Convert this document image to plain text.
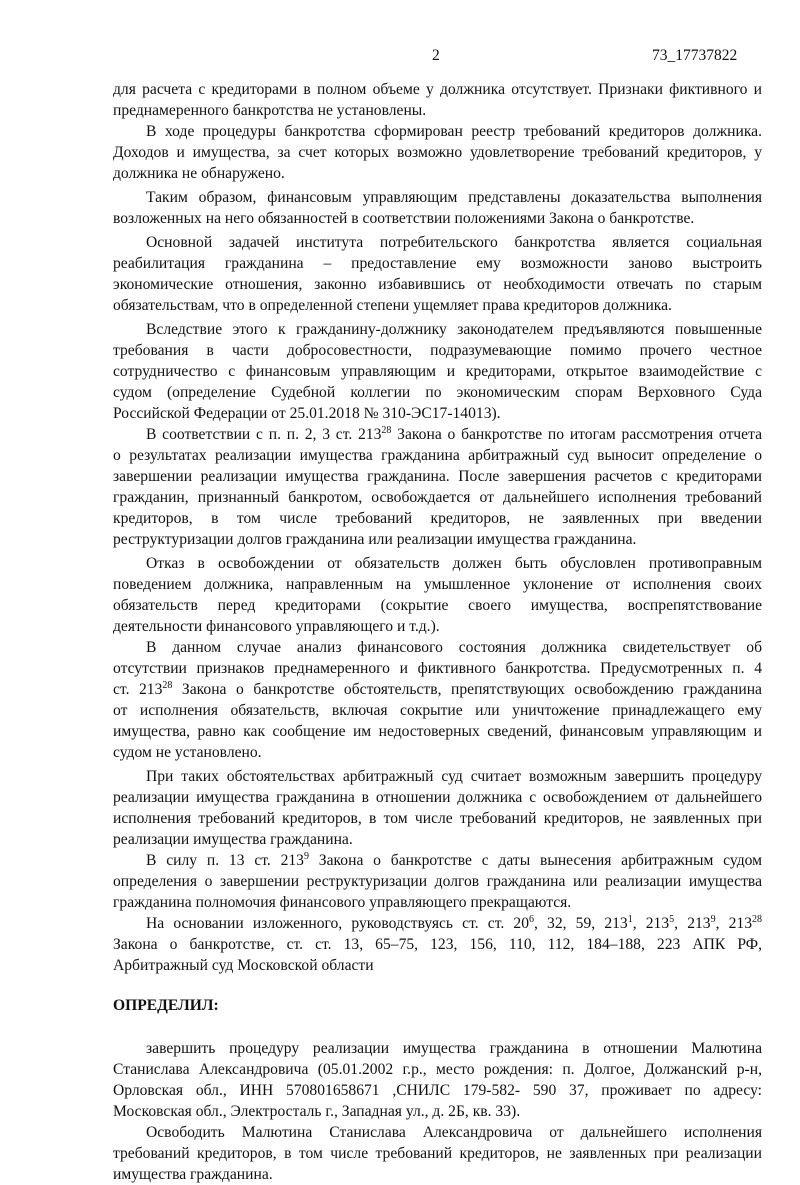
2	73_17737822

для расчета с кредиторами в полном объеме у должника отсутствует. Признаки фиктивного и
преднамеренного банкротства не установлены.

В ходе процедуры банкротства сформирован реестр требований кредиторов должника.
Доходов и имущества, за счет которых возможно удовлетворение требований кредиторов, у
должника не обнаружено.

Таким образом, финансовым управляющим представлены доказательства выполнения
возложенных на него обязанностей в соответствии положениями Закона о банкротстве.

Основной задачей института потребительского банкротства является социальная
реабилитация гражданина – предоставление ему возможности заново выстроить
экономические отношения, законно избавившись от необходимости отвечать по старым
обязательствам, что в определенной степени ущемляет права кредиторов должника.

Вследствие этого к гражданину-должнику законодателем предъявляются повышенные
требования в части добросовестности, подразумевающие помимо прочего честное
сотрудничество с финансовым управляющим и кредиторами, открытое взаимодействие с
судом (определение Судебной коллегии по экономическим спорам Верховного Суда
Российской Федерации от 25.01.2018 № 310-ЭС17-14013).

В соответствии с п. п. 2, 3 ст. $213^{28}$ Закона о банкротстве по итогам рассмотрения отчета
о результатах реализации имущества гражданина арбитражный суд выносит определение о
завершении реализации имущества гражданина. После завершения расчетов с кредиторами
гражданин, признанный банкротом, освобождается от дальнейшего исполнения требований
кредиторов, в том числе требований кредиторов, не заявленных при введении
реструктуризации долгов гражданина или реализации имущества гражданина.

Отказ в освобождении от обязательств должен быть обусловлен противоправным
поведением должника, направленным на умышленное уклонение от исполнения своих
обязательств перед кредиторами (сокрытие своего имущества, воспрепятствование
деятельности финансового управляющего и т.д.).

В данном случае анализ финансового состояния должника свидетельствует об
отсутствии признаков преднамеренного и фиктивного банкротства. Предусмотренных п. 4
ст. $213^{28}$ Закона о банкротстве обстоятельств, препятствующих освобождению гражданина
от исполнения обязательств, включая сокрытие или уничтожение принадлежащего ему
имущества, равно как сообщение им недостоверных сведений, финансовым управляющим и
судом не установлено.

При таких обстоятельствах арбитражный суд считает возможным завершить процедуру
реализации имущества гражданина в отношении должника с освобождением от дальнейшего
исполнения требований кредиторов, в том числе требований кредиторов, не заявленных при
реализации имущества гражданина.

В силу п. 13 ст. $213^9$ Закона о банкротстве с даты вынесения арбитражным судом
определения о завершении реструктуризации долгов гражданина или реализации имущества
гражданина полномочия финансового управляющего прекращаются.

На основании изложенного, руководствуясь ст. ст. $20^6$, 32, 59, $213^1$, $213^5$, $213^9$, $213^{28}$
Закона о банкротстве, ст. ст. 13, 65–75, 123, 156, 110, 112, 184–188, 223 АПК РФ,
Арбитражный суд Московской области

ОПРЕДЕЛИЛ:

завершить процедуру реализации имущества гражданина в отношении Малютина
Станислава Александровича (05.01.2002 г.р., место рождения: п. Долгое, Должанский р-н,
Орловская обл., ИНН 570801658671 ,СНИЛС 179-582- 590 37, проживает по адресу:
Московская обл., Электросталь г., Западная ул., д. 2Б, кв. 33).

Освободить Малютина Станислава Александровича от дальнейшего исполнения
требований кредиторов, в том числе требований кредиторов, не заявленных при реализации
имущества гражданина.
